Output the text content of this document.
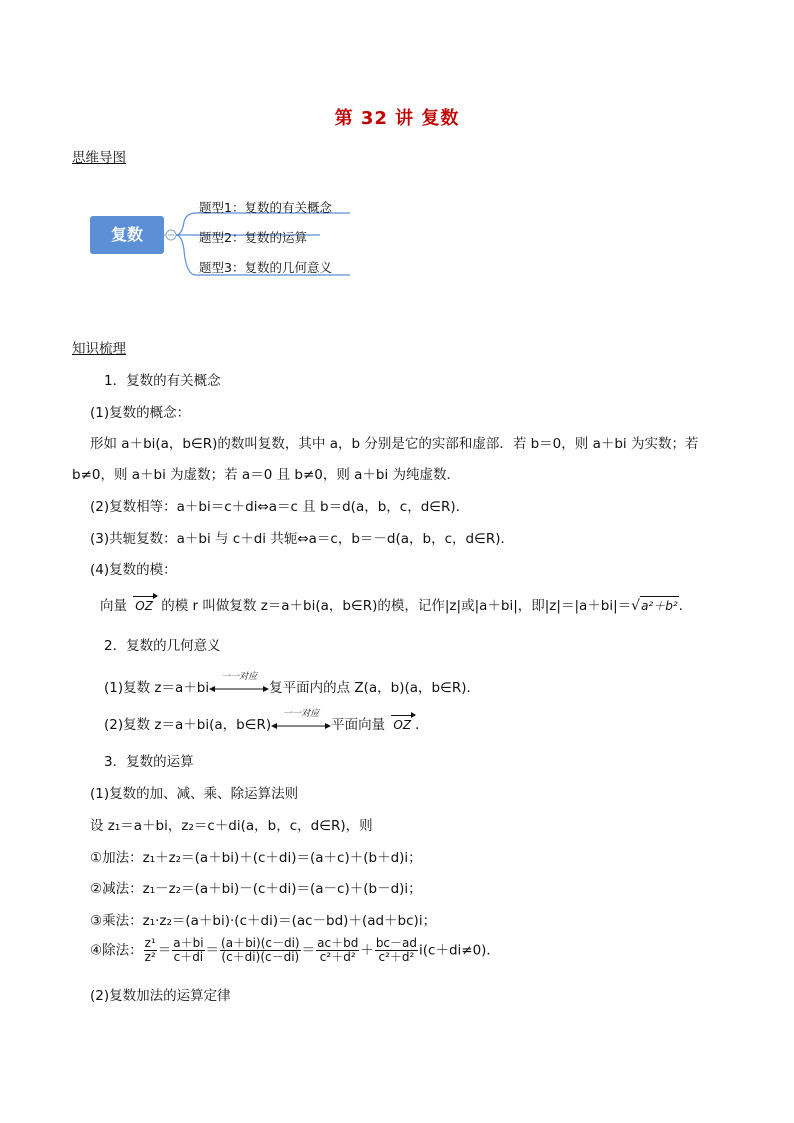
第 32 讲 复数
思维导图
复数
题型1：复数的有关概念
题型2：复数的运算
题型3：复数的几何意义
知识梳理
1．复数的有关概念
(1)复数的概念：
形如 a＋bi(a，b∈R)的数叫复数，其中 a，b 分别是它的实部和虚部．若 b＝0，则 a＋bi 为实数；若
b≠0，则 a＋bi 为虚数；若 a＝0 且 b≠0，则 a＋bi 为纯虚数．
(2)复数相等：a＋bi＝c＋di⇔a＝c 且 b＝d(a，b，c，d∈R)．
(3)共轭复数：a＋bi 与 c＋di 共轭⇔a＝c，b＝－d(a，b，c，d∈R)．
(4)复数的模：
向量 OZ 的模 r 叫做复数 z＝a＋bi(a，b∈R)的模，记作|z|或|a＋bi|，即|z|＝|a＋bi|＝√a²＋b².
2．复数的几何意义
(1)复数 z＝a＋bi
一一对应
复平面内的点 Z(a，b)(a，b∈R)．
(2)复数 z＝a＋bi(a，b∈R)
一一对应
平面向量 OZ ．
3．复数的运算
(1)复数的加、减、乘、除运算法则
设 z₁＝a＋bi，z₂＝c＋di(a，b，c，d∈R)，则
①加法：z₁＋z₂＝(a＋bi)＋(c＋di)＝(a＋c)＋(b＋d)i；
②减法：z₁－z₂＝(a＋bi)－(c＋di)＝(a－c)＋(b－d)i；
③乘法：z₁·z₂＝(a＋bi)·(c＋di)＝(ac－bd)＋(ad＋bc)i；
④除法： $\frac{\text{z¹}}{\text{z²}} = \frac{a+bi}{c+di} = \frac{(a+bi)(c-di)}{(c+di)(c-di)} = \frac{ac+bd}{\text{c²＋d²}} + \frac{bc-ad}{\text{c²＋d²}} i(c+di\ne 0)$．
(2)复数加法的运算定律
